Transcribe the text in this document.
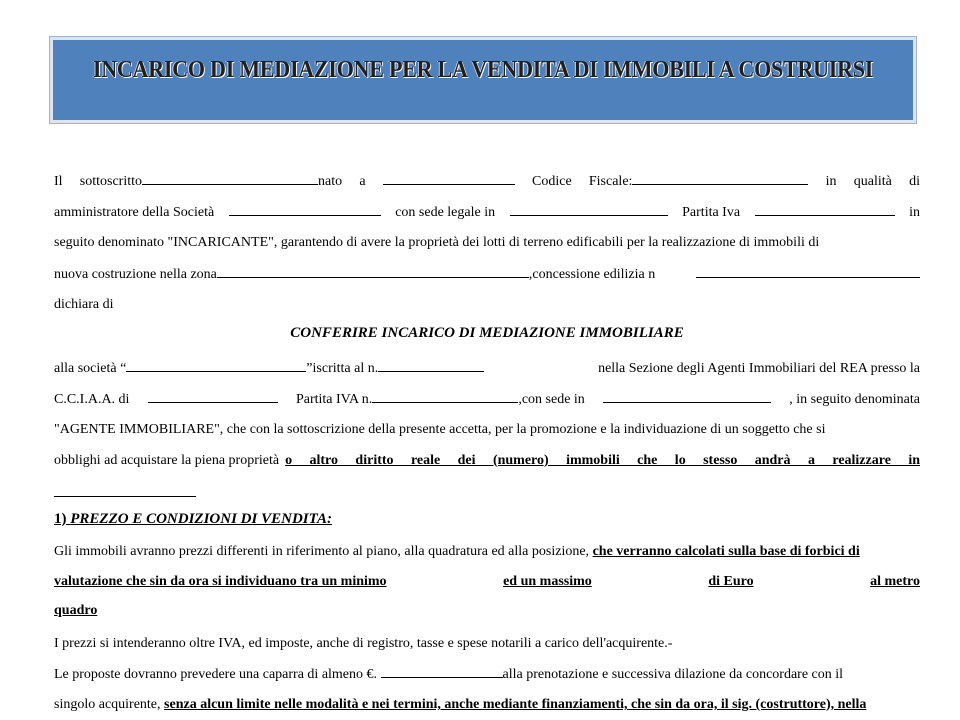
INCARICO DI MEDIAZIONE PER LA VENDITA DI IMMOBILI A COSTRUIRSI
Il sottoscritto	nato a	Codice Fiscale:	in qualità di
amministratore della Società	con sede legale in	Partita Iva	in
seguito denominato "INCARICANTE", garantendo di avere la proprietà dei lotti di terreno edificabili per la realizzazione di immobili di
nuova costruzione nella zona	,concessione edilizia n
dichiara di
CONFERIRE INCARICO DI MEDIAZIONE IMMOBILIARE
alla società “	”iscritta al n.	nella Sezione degli Agenti Immobiliari del REA presso la
C.C.I.A.A. di	Partita IVA n.	,con sede in	, in seguito denominata
"AGENTE IMMOBILIARE", che con la sottoscrizione della presente accetta, per la promozione e la individuazione di un soggetto che si
obblighi ad acquistare la piena proprietà o altro diritto reale dei (numero) immobili che lo stesso andrà a realizzare in
1) PREZZO E CONDIZIONI DI VENDITA:
Gli immobili avranno prezzi differenti in riferimento al piano, alla quadratura ed alla posizione, che verranno calcolati sulla base di forbici di
valutazione che sin da ora si individuano tra un minimo	ed un massimo	di Euro	al metro
quadro
I prezzi si intenderanno oltre IVA, ed imposte, anche di registro, tasse e spese notarili a carico dell'acquirente.-
Le proposte dovranno prevedere una caparra di almeno €.	alla prenotazione e successiva dilazione da concordare con il
singolo acquirente, senza alcun limite nelle modalità e nei termini, anche mediante finanziamenti, che sin da ora, il sig. (costruttore), nella
